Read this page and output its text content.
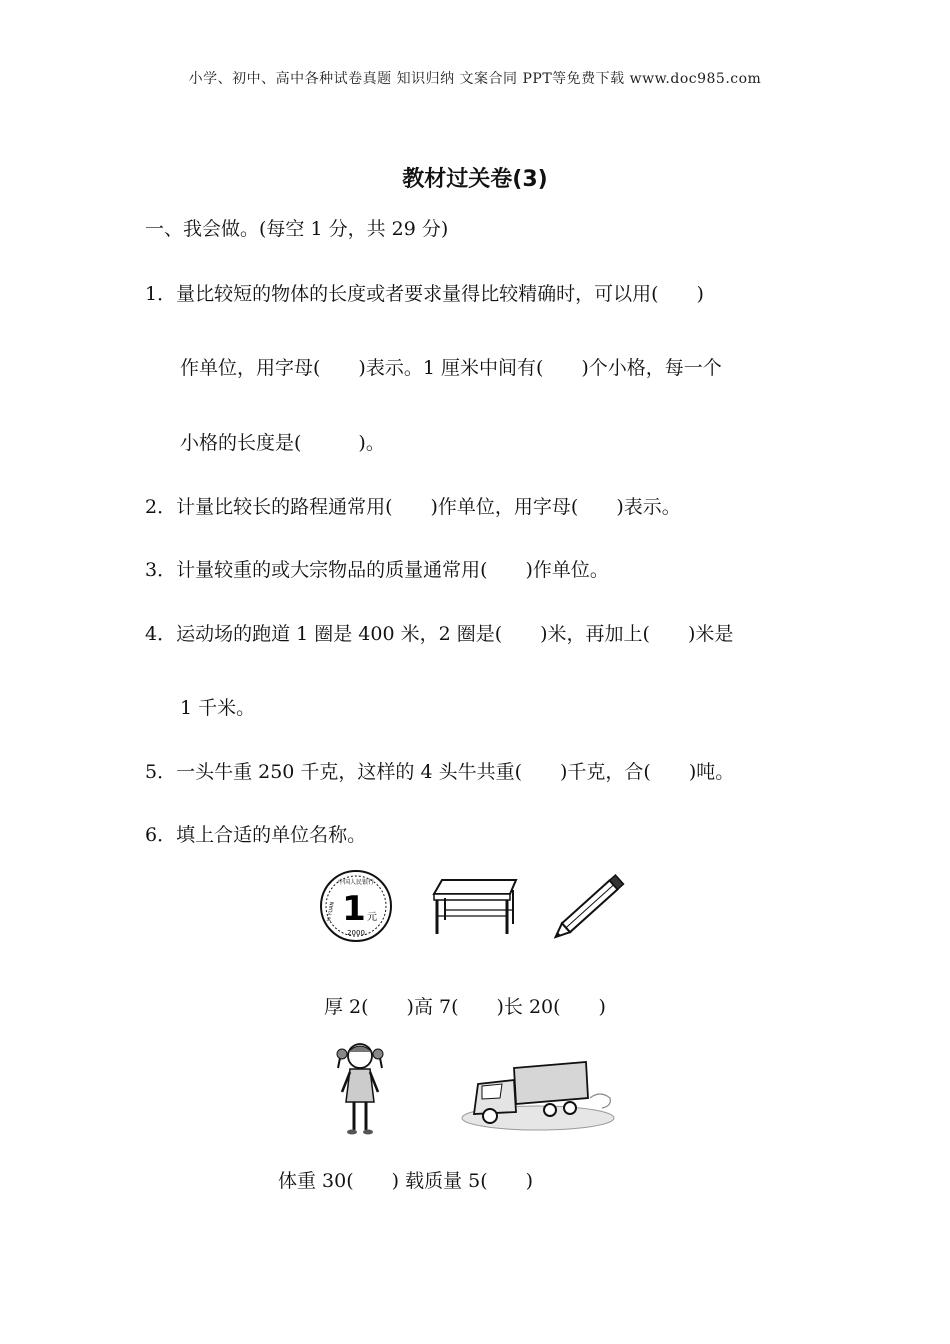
小学、初中、高中各种试卷真题 知识归纳 文案合同 PPT等免费下载 www.doc985.com
教材过关卷(3)
一、我会做。(每空 1 分，共 29 分)
1．量比较短的物体的长度或者要求量得比较精确时，可以用(　　)
作单位，用字母(　　)表示。1 厘米中间有(　　)个小格，每一个
小格的长度是(　　　)。
2．计量比较长的路程通常用(　　)作单位，用字母(　　)表示。
3．计量较重的或大宗物品的质量通常用(　　)作单位。
4．运动场的跑道 1 圈是 400 米，2 圈是(　　)米，再加上(　　)米是
1 千米。
5．一头牛重 250 千克，这样的 4 头牛共重(　　)千克，合(　　)吨。
6．填上合适的单位名称。
中国人民银行
1 元
YI YUAN
2000
厚 2(　　)高 7(　　)长 20(　　)
体重 30(　　) 载质量 5(　　)
